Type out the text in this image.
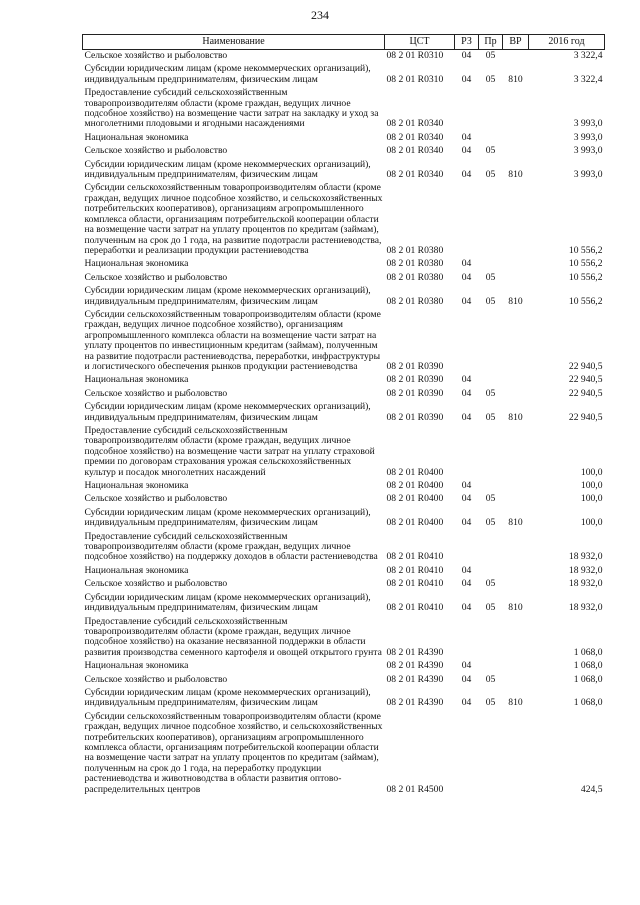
234
Наименование	ЦСТ	РЗ	Пр	ВР	2016 год
Сельское хозяйство и рыболовство	08 2 01 R0310	04	05		3 322,4
Субсидии юридическим лицам (кроме некоммерческих организаций), индивидуальным предпринимателям, физическим лицам	08 2 01 R0310	04	05	810	3 322,4
Предоставление субсидий сельскохозяйственным товаропроизводителям области (кроме граждан, ведущих личное подсобное хозяйство) на возмещение части затрат на закладку и уход за многолетними плодовыми и ягодными насаждениями	08 2 01 R0340				3 993,0
Национальная экономика	08 2 01 R0340	04			3 993,0
Сельское хозяйство и рыболовство	08 2 01 R0340	04	05		3 993,0
Субсидии юридическим лицам (кроме некоммерческих организаций), индивидуальным предпринимателям, физическим лицам	08 2 01 R0340	04	05	810	3 993,0
Субсидии сельскохозяйственным товаропроизводителям области (кроме граждан, ведущих личное подсобное хозяйство, и сельскохозяйственных потребительских кооперативов), организациям агропромышленного комплекса области, организациям потребительской кооперации области на возмещение части затрат на уплату процентов по кредитам (займам), полученным на срок до 1 года, на развитие подотрасли растениеводства, переработки и реализации продукции растениеводства	08 2 01 R0380				10 556,2
Национальная экономика	08 2 01 R0380	04			10 556,2
Сельское хозяйство и рыболовство	08 2 01 R0380	04	05		10 556,2
Субсидии юридическим лицам (кроме некоммерческих организаций), индивидуальным предпринимателям, физическим лицам	08 2 01 R0380	04	05	810	10 556,2
Субсидии сельскохозяйственным товаропроизводителям области (кроме граждан, ведущих личное подсобное хозяйство), организациям агропромышленного комплекса области на возмещение части затрат на уплату процентов по инвестиционным кредитам (займам), полученным на развитие подотрасли растениеводства, переработки, инфраструктуры и логистического обеспечения рынков продукции растениеводства	08 2 01 R0390				22 940,5
Национальная экономика	08 2 01 R0390	04			22 940,5
Сельское хозяйство и рыболовство	08 2 01 R0390	04	05		22 940,5
Субсидии юридическим лицам (кроме некоммерческих организаций), индивидуальным предпринимателям, физическим лицам	08 2 01 R0390	04	05	810	22 940,5
Предоставление субсидий сельскохозяйственным товаропроизводителям области (кроме граждан, ведущих личное подсобное хозяйство) на возмещение части затрат на уплату страховой премии по договорам страхования урожая сельскохозяйственных культур и посадок многолетних насаждений	08 2 01 R0400				100,0
Национальная экономика	08 2 01 R0400	04			100,0
Сельское хозяйство и рыболовство	08 2 01 R0400	04	05		100,0
Субсидии юридическим лицам (кроме некоммерческих организаций), индивидуальным предпринимателям, физическим лицам	08 2 01 R0400	04	05	810	100,0
Предоставление субсидий сельскохозяйственным товаропроизводителям области (кроме граждан, ведущих личное подсобное хозяйство) на поддержку доходов в области растениеводства	08 2 01 R0410				18 932,0
Национальная экономика	08 2 01 R0410	04			18 932,0
Сельское хозяйство и рыболовство	08 2 01 R0410	04	05		18 932,0
Субсидии юридическим лицам (кроме некоммерческих организаций), индивидуальным предпринимателям, физическим лицам	08 2 01 R0410	04	05	810	18 932,0
Предоставление субсидий сельскохозяйственным товаропроизводителям области (кроме граждан, ведущих личное подсобное хозяйство) на оказание несвязанной поддержки в области развития производства семенного картофеля и овощей открытого грунта	08 2 01 R4390				1 068,0
Национальная экономика	08 2 01 R4390	04			1 068,0
Сельское хозяйство и рыболовство	08 2 01 R4390	04	05		1 068,0
Субсидии юридическим лицам (кроме некоммерческих организаций), индивидуальным предпринимателям, физическим лицам	08 2 01 R4390	04	05	810	1 068,0
Субсидии сельскохозяйственным товаропроизводителям области (кроме граждан, ведущих личное подсобное хозяйство, и сельскохозяйственных потребительских кооперативов), организациям агропромышленного комплекса области, организациям потребительской кооперации области на возмещение части затрат на уплату процентов по кредитам (займам), полученным на срок до 1 года, на переработку продукции растениеводства и животноводства в области развития оптово-распределительных центров	08 2 01 R4500				424,5
